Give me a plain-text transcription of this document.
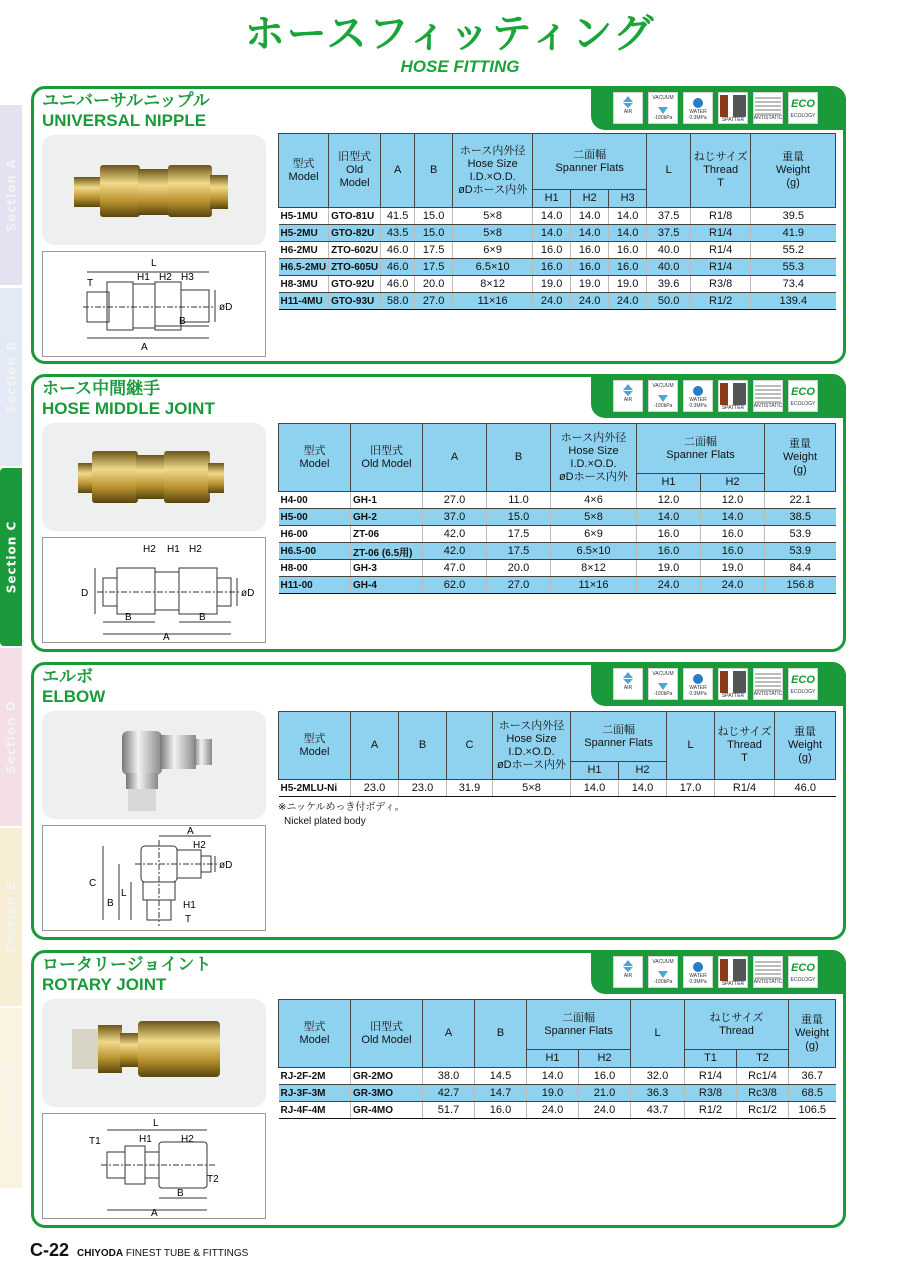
ホースフィッティング
HOSE FITTING
Section A
Section B
Section C
Section D
Section E
Section F
ユニバーサルニップル
UNIVERSAL NIPPLE	AIR
VACUUM
-100kPa
WATER
0.3MPa	SPATTER ANTISTATIC
ECO
ECOLOGY
L
T
H1 H2 H3
øD
B
A
型式
Model	旧型式
Old
Model	A	B	ホース内外径
Hose Size
I.D.×O.D.
øDホース内外	二面幅
Spanner Flats			L	ねじサイズ
Thread
T	重量
Weight
(g)
					H1	H2	H3			
H5-1MU	GTO-81U	41.5	15.0	5×8	14.0	14.0	14.0	37.5	R1/8	39.5
H5-2MU	GTO-82U	43.5	15.0	5×8	14.0	14.0	14.0	37.5	R1/4	41.9
H6-2MU	ZTO-602U	46.0	17.5	6×9	16.0	16.0	16.0	40.0	R1/4	55.2
H6.5-2MU	ZTO-605U	46.0	17.5	6.5×10	16.0	16.0	16.0	40.0	R1/4	55.3
H8-3MU	GTO-92U	46.0	20.0	8×12	19.0	19.0	19.0	39.6	R3/8	73.4
H11-4MU	GTO-93U	58.0	27.0	11×16	24.0	24.0	24.0	50.0	R1/2	139.4
ホース中間継手
HOSE MIDDLE JOINT	AIR
VACUUM
-100kPa
WATER
0.3MPa	SPATTER ANTISTATIC
ECO
ECOLOGY
H2 H1 H2
D	øD
B	B
A
型式
Model	旧型式
Old Model	A	B	ホース内外径
Hose Size
I.D.×O.D.
øDホース内外	二面幅
Spanner Flats		重量
Weight
(g)
					H1	H2	
H4-00	GH-1	27.0	11.0	4×6	12.0	12.0	22.1
H5-00	GH-2	37.0	15.0	5×8	14.0	14.0	38.5
H6-00	ZT-06	42.0	17.5	6×9	16.0	16.0	53.9
H6.5-00	ZT-06 (6.5用)	42.0	17.5	6.5×10	16.0	16.0	53.9
H8-00	GH-3	47.0	20.0	8×12	19.0	19.0	84.4
H11-00	GH-4	62.0	27.0	11×16	24.0	24.0	156.8
エルボ
ELBOW	AIR
VACUUM
-100kPa
WATER
0.3MPa	SPATTER ANTISTATIC
ECO
ECOLOGY
A
H2
øD
C
L
B	H1
T
型式
Model	A	B	C	ホース内外径
Hose Size
I.D.×O.D.
øDホース内外	二面幅
Spanner Flats		L	ねじサイズ
Thread
T	重量
Weight
(g)
					H1	H2			
H5-2MLU-Ni	23.0	23.0	31.9	5×8	14.0	14.0	17.0	R1/4	46.0
※ニッケルめっき付ボディ。
Nickel plated body
ロータリージョイント
ROTARY JOINT	AIR
VACUUM
-100kPa
WATER
0.3MPa	SPATTER ANTISTATIC
ECO
ECOLOGY
L
T1	H1	H2
T2
B
A
型式
Model	旧型式
Old Model	A	B	二面幅
Spanner Flats		L	ねじサイズ
Thread		重量
Weight
(g)
				H1	H2		T1	T2	
RJ-2F-2M	GR-2MO	38.0	14.5	14.0	16.0	32.0	R1/4	Rc1/4	36.7
RJ-3F-3M	GR-3MO	42.7	14.7	19.0	21.0	36.3	R3/8	Rc3/8	68.5
RJ-4F-4M	GR-4MO	51.7	16.0	24.0	24.0	43.7	R1/2	Rc1/2	106.5
C-22 CHIYODA FINEST TUBE & FITTINGS
